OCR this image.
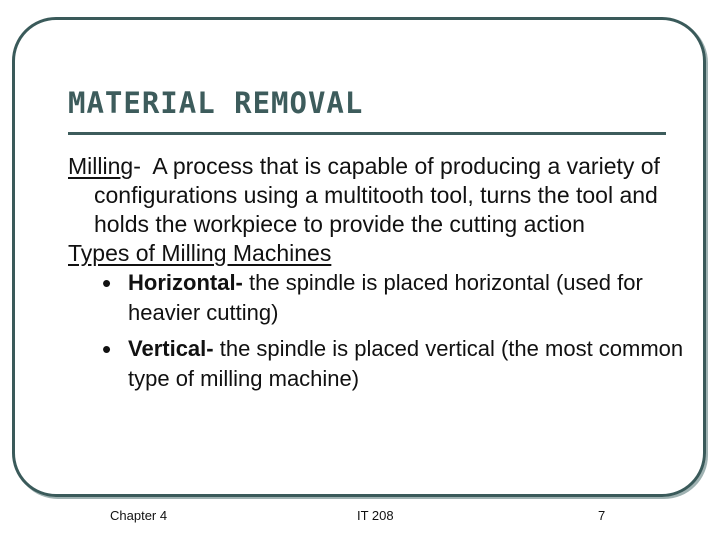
MATERIAL REMOVAL

Milling- A process that is capable of producing a variety of configurations using a multitooth tool, turns the tool and holds the workpiece to provide the cutting action

Types of Milling Machines

• Horizontal- the spindle is placed horizontal (used for heavier cutting)

• Vertical- the spindle is placed vertical (the most common type of milling machine)

Chapter 4	IT 208	7
